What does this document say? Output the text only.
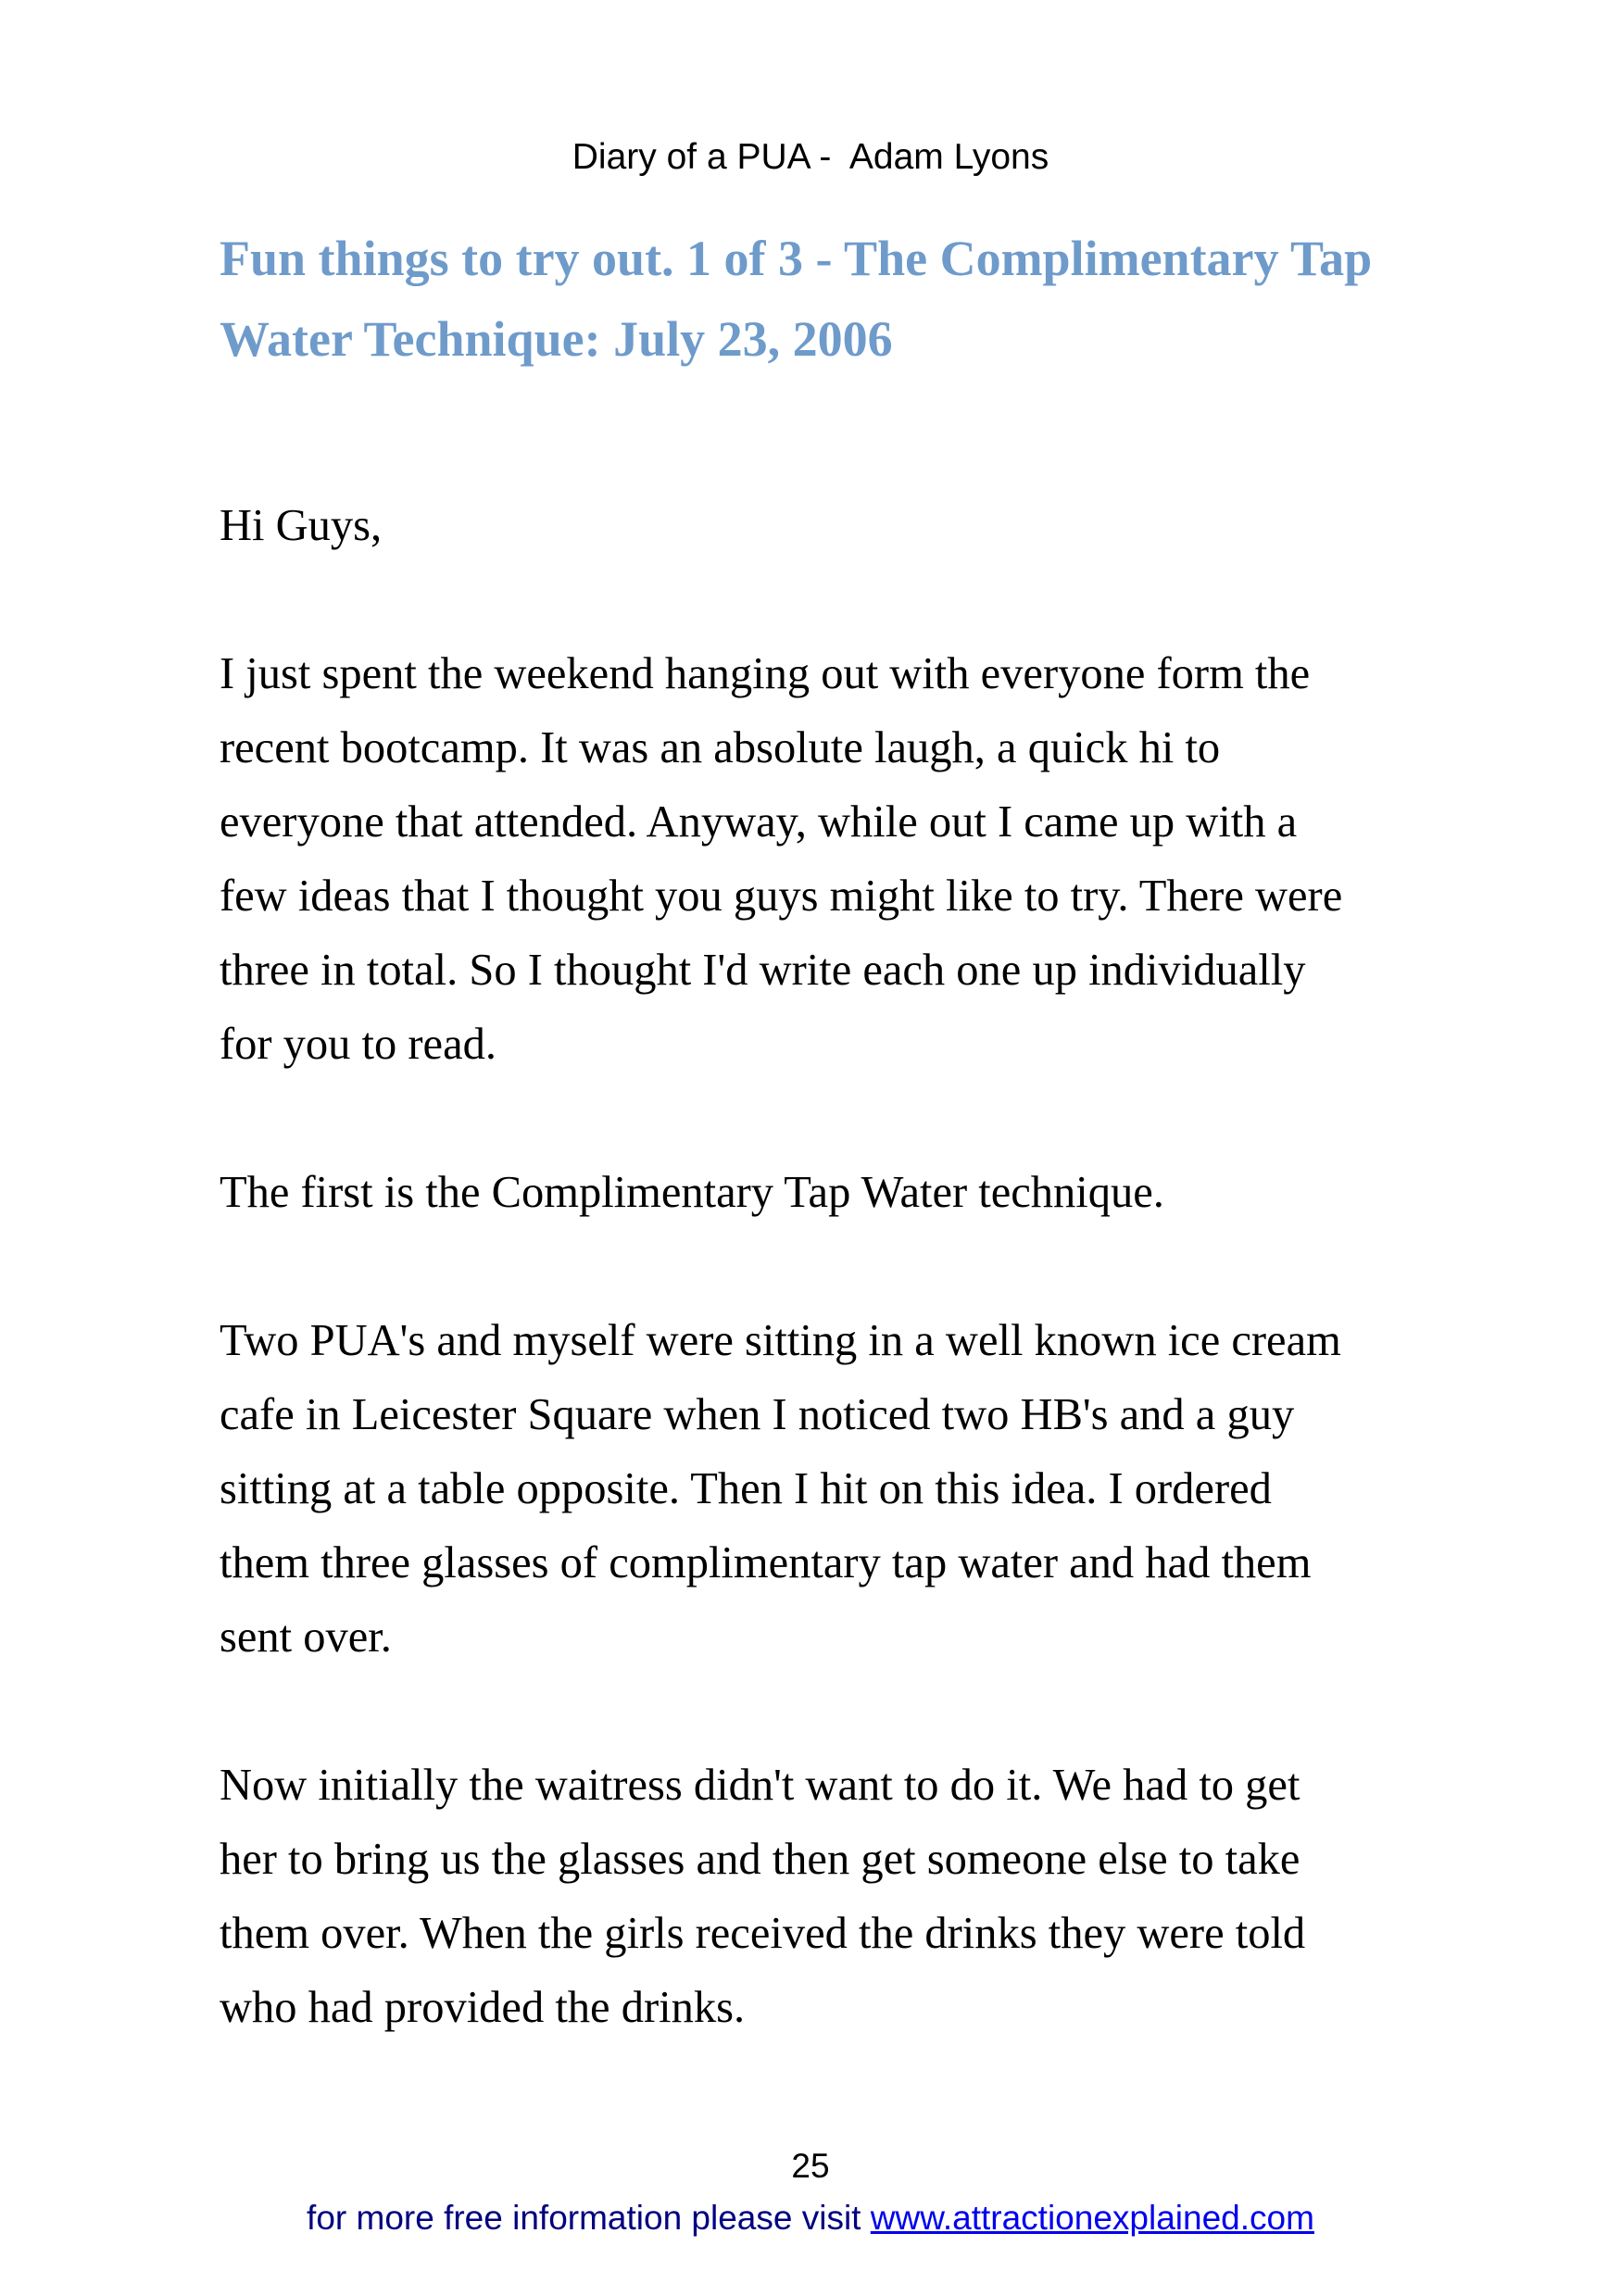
Diary of a PUA -  Adam Lyons
Fun things to try out. 1 of 3 - The Complimentary Tap Water Technique: July 23, 2006

Hi Guys,

I just spent the weekend hanging out with everyone form the
recent bootcamp. It was an absolute laugh, a quick hi to
everyone that attended. Anyway, while out I came up with a
few ideas that I thought you guys might like to try. There were
three in total. So I thought I'd write each one up individually
for you to read.

The first is the Complimentary Tap Water technique.

Two PUA's and myself were sitting in a well known ice cream
cafe in Leicester Square when I noticed two HB's and a guy
sitting at a table opposite. Then I hit on this idea. I ordered
them three glasses of complimentary tap water and had them
sent over.

Now initially the waitress didn't want to do it. We had to get
her to bring us the glasses and then get someone else to take
them over. When the girls received the drinks they were told
who had provided the drinks.

25
for more free information please visit www.attractionexplained.com
